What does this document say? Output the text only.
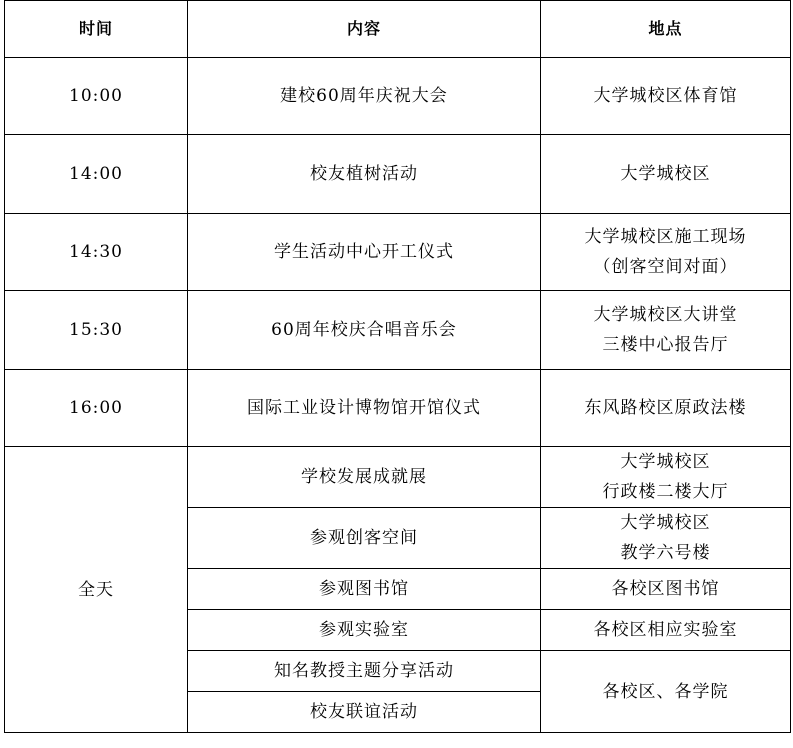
时间	内容	地点
10:00	建校60周年庆祝大会	大学城校区体育馆

14:00	校友植树活动	大学城校区

14:30	学生活动中心开工仪式	大学城校区施工现场
（创客空间对面）

15:30	60周年校庆合唱音乐会	大学城校区大讲堂
三楼中心报告厅

16:00	国际工业设计博物馆开馆仪式	东风路校区原政法楼

全天	学校发展成就展	大学城校区
行政楼二楼大厅

	参观创客空间	大学城校区
教学六号楼

	参观图书馆	各校区图书馆

	参观实验室	各校区相应实验室

	知名教授主题分享活动	各校区、各学院

	校友联谊活动	
